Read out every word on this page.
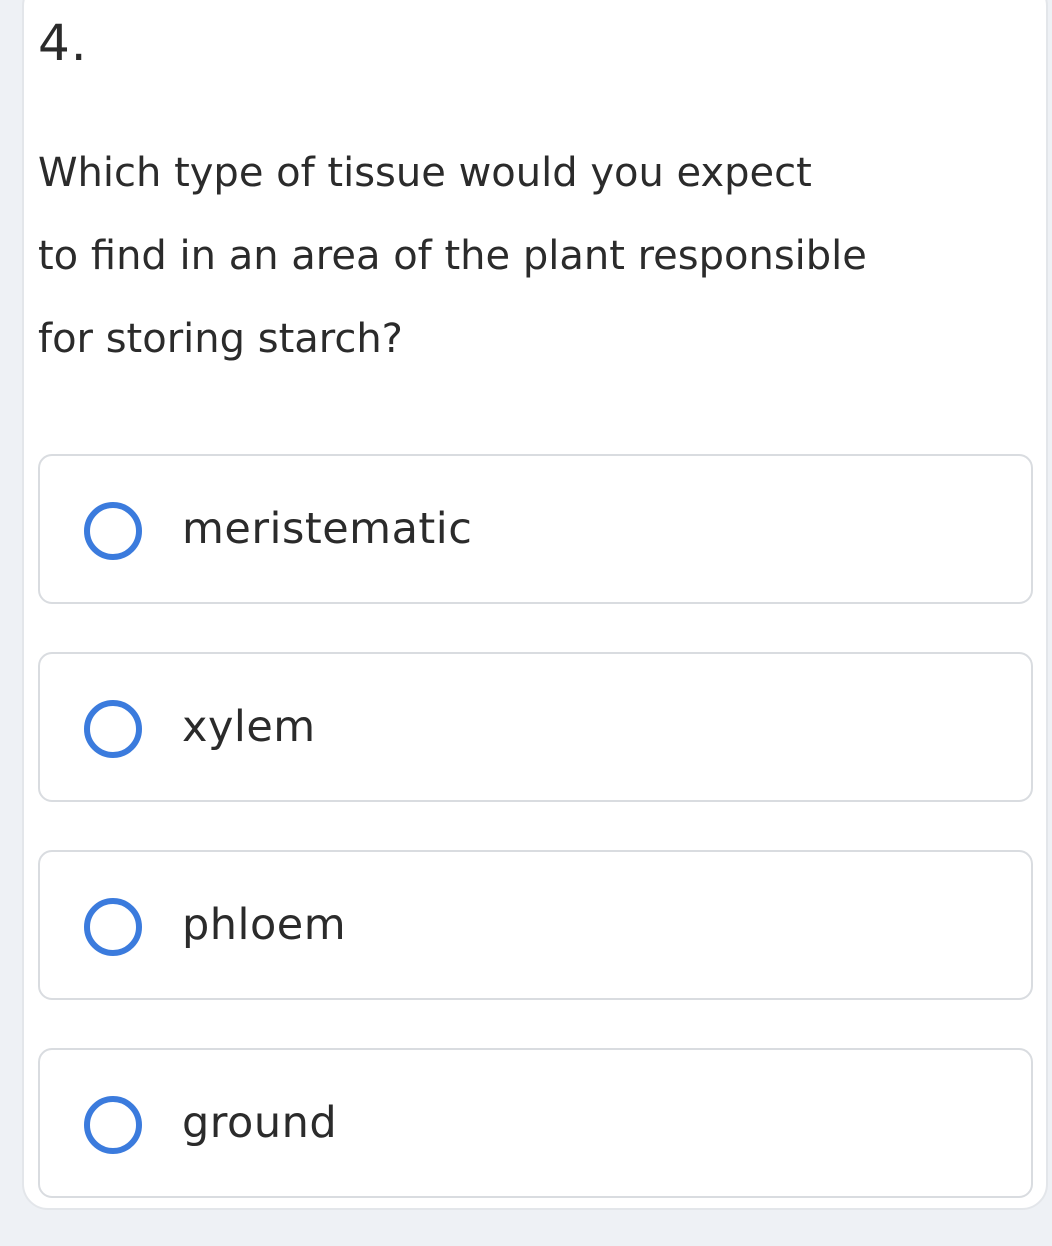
4.
Which type of tissue would you expect
to find in an area of the plant responsible
for storing starch?
meristematic
xylem
phloem
ground
